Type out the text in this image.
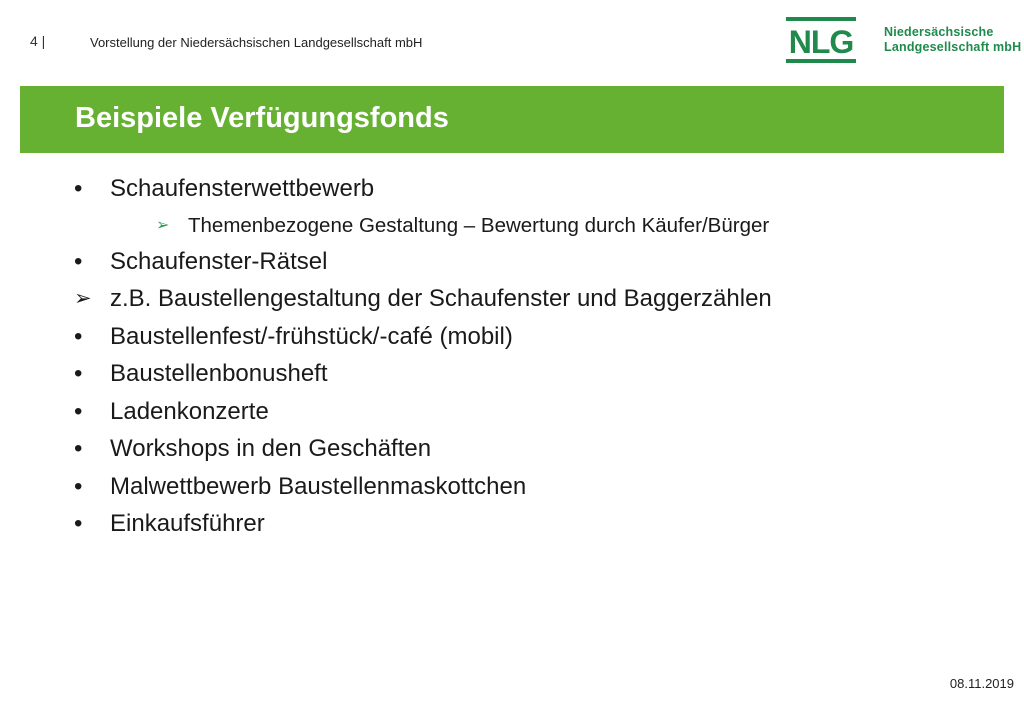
4 |	Vorstellung der Niedersächsischen Landgesellschaft mbH	NLG Niedersächsische
Landgesellschaft mbH
Beispiele Verfügungsfonds
•	Schaufensterwettbewerb
➢ Themenbezogene Gestaltung – Bewertung durch Käufer/Bürger
•	Schaufenster-Rätsel
➢ z.B. Baustellengestaltung der Schaufenster und Baggerzählen
•	Baustellenfest/-frühstück/-café (mobil)
•	Baustellenbonusheft
•	Ladenkonzerte
•	Workshops in den Geschäften
•	Malwettbewerb Baustellenmaskottchen
•	Einkaufsführer
08.11.2019
